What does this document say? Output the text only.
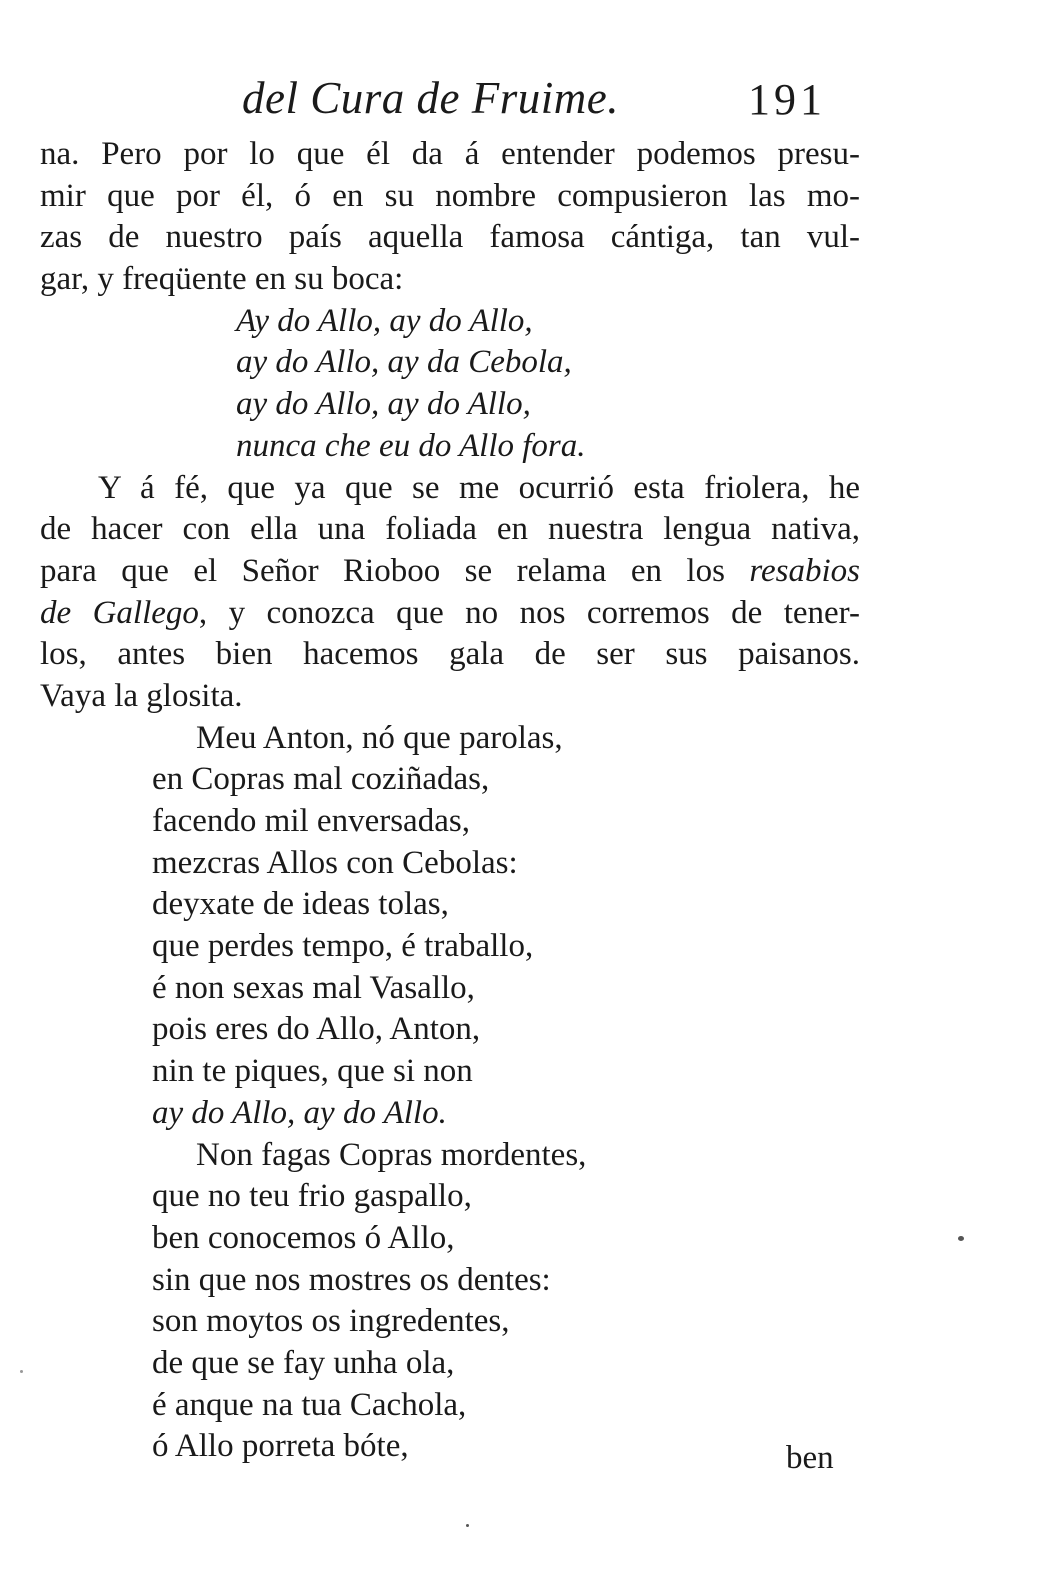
del Cura de Fruime.	191
na. Pero por lo que él da á entender podemos presu-
mir que por él, ó en su nombre compusieron las mo-
zas de nuestro país aquella famosa cántiga, tan vul-
gar, y freqüente en su boca:
Ay do Allo, ay do Allo,
ay do Allo, ay da Cebola,
ay do Allo, ay do Allo,
nunca che eu do Allo fora.
Y á fé, que ya que se me ocurrió esta friolera, he
de hacer con ella una foliada en nuestra lengua nativa,
para que el Señor Rioboo se relama en los resabios
de Gallego, y conozca que no nos corremos de tener-
los, antes bien hacemos gala de ser sus paisanos.
Vaya la glosita.
Meu Anton, nó que parolas,
en Copras mal coziñadas,
facendo mil enversadas,
mezcras Allos con Cebolas:
deyxate de ideas tolas,
que perdes tempo, é traballo,
é non sexas mal Vasallo,
pois eres do Allo, Anton,
nin te piques, que si non
ay do Allo, ay do Allo.
Non fagas Copras mordentes,
que no teu frio gaspallo,
ben conocemos ó Allo,
sin que nos mostres os dentes:
son moytos os ingredentes,
de que se fay unha ola,
é anque na tua Cachola,
ó Allo porreta bóte,	ben
